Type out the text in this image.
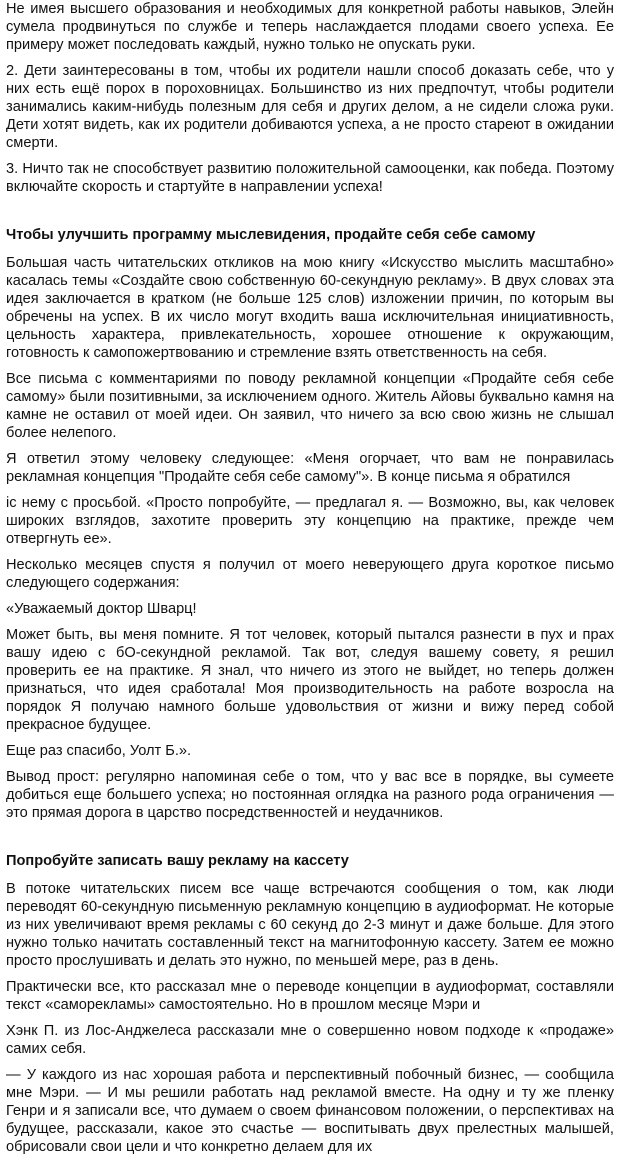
Не имея высшего образования и необходимых для конкретной работы навыков, Элейн сумела продвинуться по службе и теперь наслаждается плодами своего успеха. Ее примеру может последовать каждый, нужно только не опускать руки.

2. Дети заинтересованы в том, чтобы их родители нашли способ доказать себе, что у них есть ещё порох в пороховницах. Большинство из них предпочтут, чтобы родители занимались каким-нибудь полезным для себя и других делом, а не сидели сложа руки. Дети хотят видеть, как их родители добиваются успеха, а не просто стареют в ожидании смерти.

3. Ничто так не способствует развитию положительной самооценки, как победа. Поэтому включайте скорость и стартуйте в направлении успеха!

Чтобы улучшить программу мыслевидения, продайте себя себе самому

Большая часть читательских откликов на мою книгу «Искусство мыслить масштабно» касалась темы «Создайте свою собственную 60-секундную рекламу». В двух словах эта идея заключается в кратком (не больше 125 слов) изложении причин, по которым вы обречены на успех. В их число могут входить ваша исключительная инициативность, цельность характера, привлекательность, хорошее отношение к окружающим, готовность к самопожертвованию и стремление взять ответственность на себя.

Все письма с комментариями по поводу рекламной концепции «Продайте себя себе самому» были позитивными, за исключением одного. Житель Айовы буквально камня на камне не оставил от моей идеи. Он заявил, что ничего за всю свою жизнь не слышал более нелепого.

Я ответил этому человеку следующее: «Меня огорчает, что вам не понравилась рекламная концепция "Продайте себя себе самому"». В конце письма я обратился

іс нему с просьбой. «Просто попробуйте, — предлагал я. — Возможно, вы, как человек широких взглядов, захотите проверить эту концепцию на практике, прежде чем отвергнуть ее».

Несколько месяцев спустя я получил от моего неверующего друга короткое письмо следующего содержания:

«Уважаемый доктор Шварц!

Может быть, вы меня помните. Я тот человек, который пытался разнести в пух и прах вашу идею с бО-секундной рекламой. Так вот, следуя вашему совету, я решил проверить ее на практике. Я знал, что ничего из этого не выйдет, но теперь должен признаться, что идея сработала! Моя производительность на работе возросла на порядок Я получаю намного больше удовольствия от жизни и вижу перед собой прекрасное будущее.

Еще раз спасибо, Уолт Б.».

Вывод прост: регулярно напоминая себе о том, что у вас все в порядке, вы сумеете добиться еще большего успеха; но постоянная оглядка на разного рода ограничения — это прямая дорога в царство посредственностей и неудачников.

Попробуйте записать вашу рекламу на кассету

В потоке читательских писем все чаще встречаются сообщения о том, как люди переводят 60-секундную письменную рекламную концепцию в аудиоформат. Не которые из них увеличивают время рекламы с 60 секунд до 2-3 минут и даже больше. Для этого нужно только начитать составленный текст на магнитофонную кассету. Затем ее можно просто прослушивать и делать это нужно, по меньшей мере, раз в день.

Практически все, кто рассказал мне о переводе концепции в аудиоформат, составляли текст «саморекламы» самостоятельно. Но в прошлом месяце Мэри и

Хэнк П. из Лос-Анджелеса рассказали мне о совершенно новом подходе к «продаже» самих себя.

— У каждого из нас хорошая работа и перспективный побочный бизнес, — сообщила мне Мэри. — И мы решили работать над рекламой вместе. На одну и ту же пленку Генри и я записали все, что думаем о своем финансовом положении, о перспективах на будущее, рассказали, какое это счастье — воспитывать двух прелестных малышей, обрисовали свои цели и что конкретно делаем для их
